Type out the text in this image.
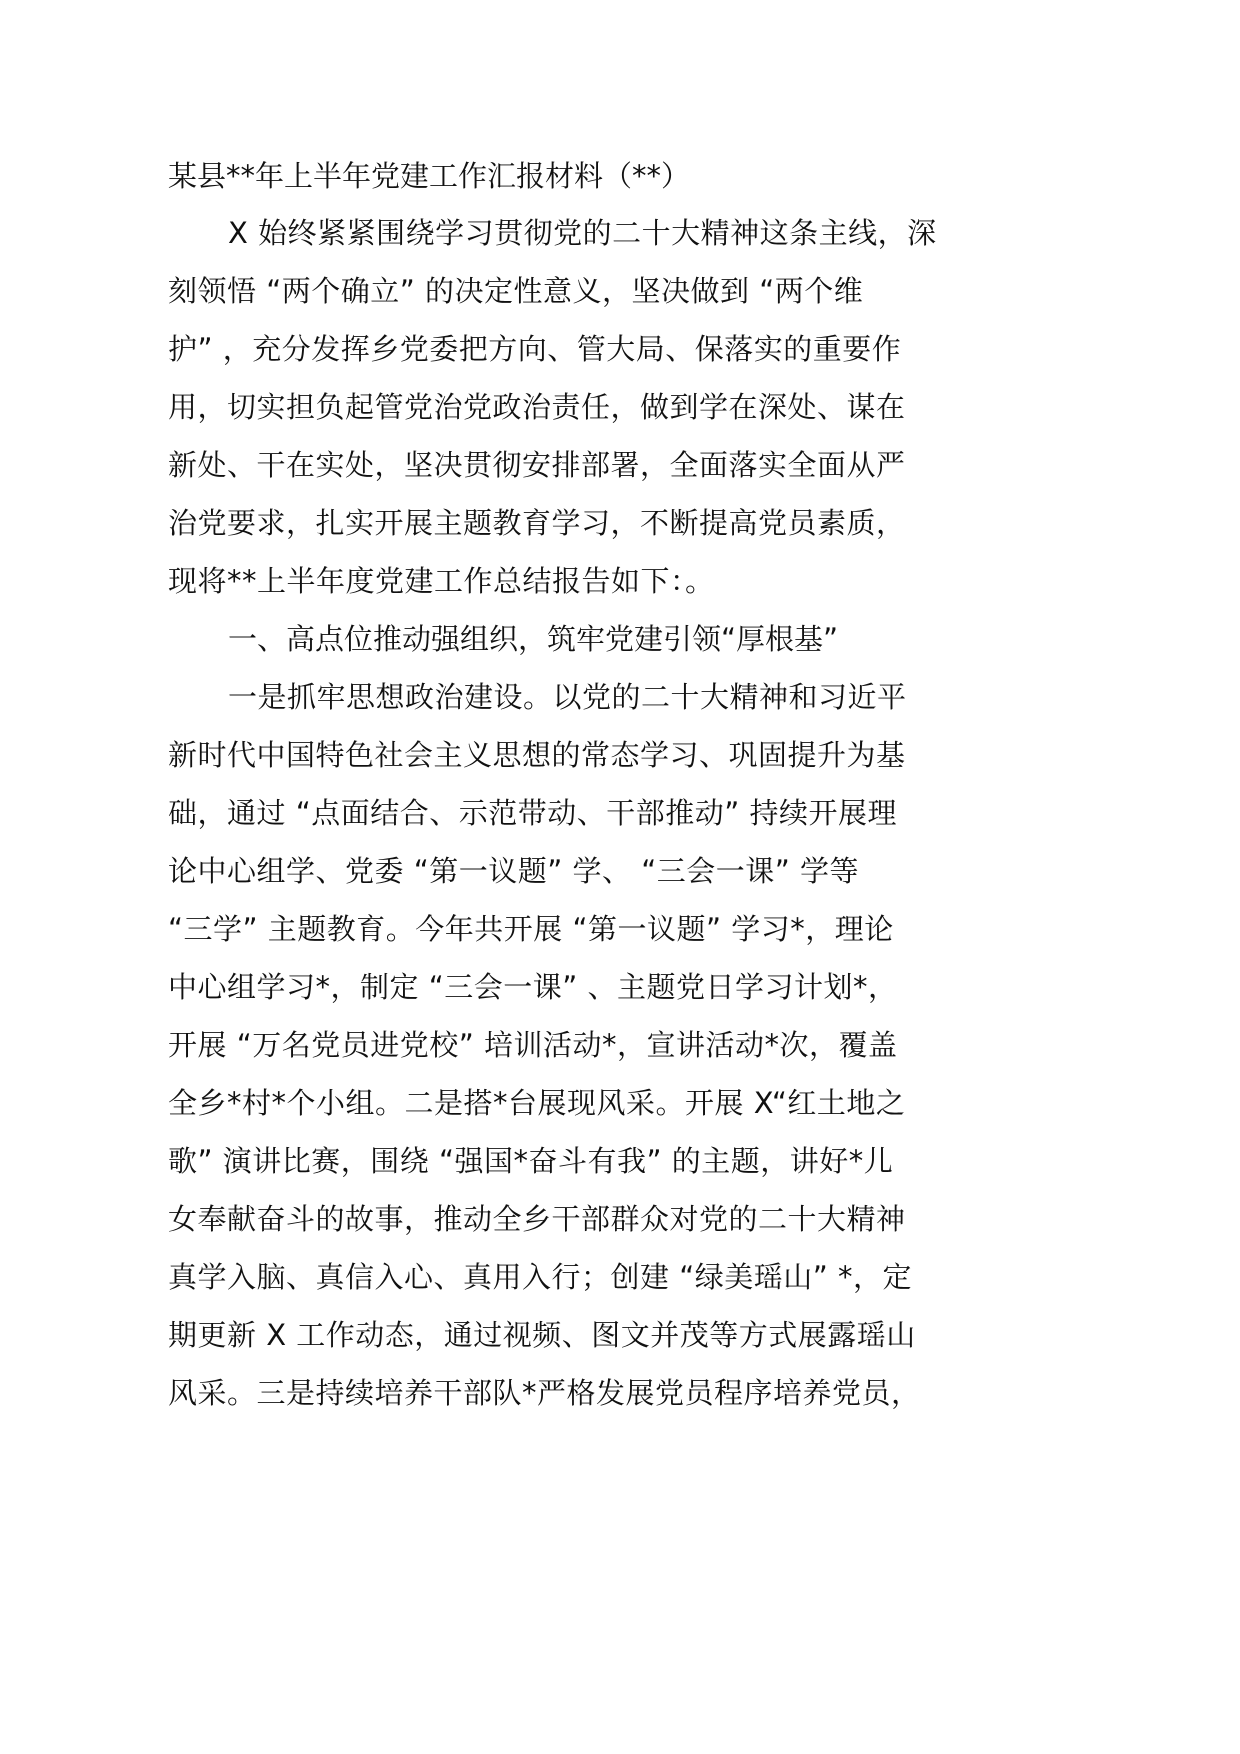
某县**年上半年党建工作汇报材料（**）
X 始终紧紧围绕学习贯彻党的二十大精神这条主线，深
刻领悟 “两个确立” 的决定性意义，坚决做到 “两个维
护” ，充分发挥乡党委把方向、管大局、保落实的重要作
用，切实担负起管党治党政治责任，做到学在深处、谋在
新处、干在实处，坚决贯彻安排部署，全面落实全面从严
治党要求，扎实开展主题教育学习，不断提高党员素质，
现将**上半年度党建工作总结报告如下：。
一、高点位推动强组织，筑牢党建引领“厚根基”
一是抓牢思想政治建设。以党的二十大精神和习近平
新时代中国特色社会主义思想的常态学习、巩固提升为基
础，通过 “点面结合、示范带动、干部推动” 持续开展理
论中心组学、党委 “第一议题” 学、 “三会一课” 学等
“三学” 主题教育。今年共开展 “第一议题” 学习*，理论
中心组学习*，制定 “三会一课” 、主题党日学习计划*，
开展 “万名党员进党校” 培训活动*，宣讲活动*次，覆盖
全乡*村*个小组。二是搭*台展现风采。开展 X“红土地之
歌” 演讲比赛，围绕 “强国*奋斗有我” 的主题，讲好*儿
女奉献奋斗的故事，推动全乡干部群众对党的二十大精神
真学入脑、真信入心、真用入行；创建 “绿美瑶山” *，定
期更新 X 工作动态，通过视频、图文并茂等方式展露瑶山
风采。三是持续培养干部队*严格发展党员程序培养党员，
